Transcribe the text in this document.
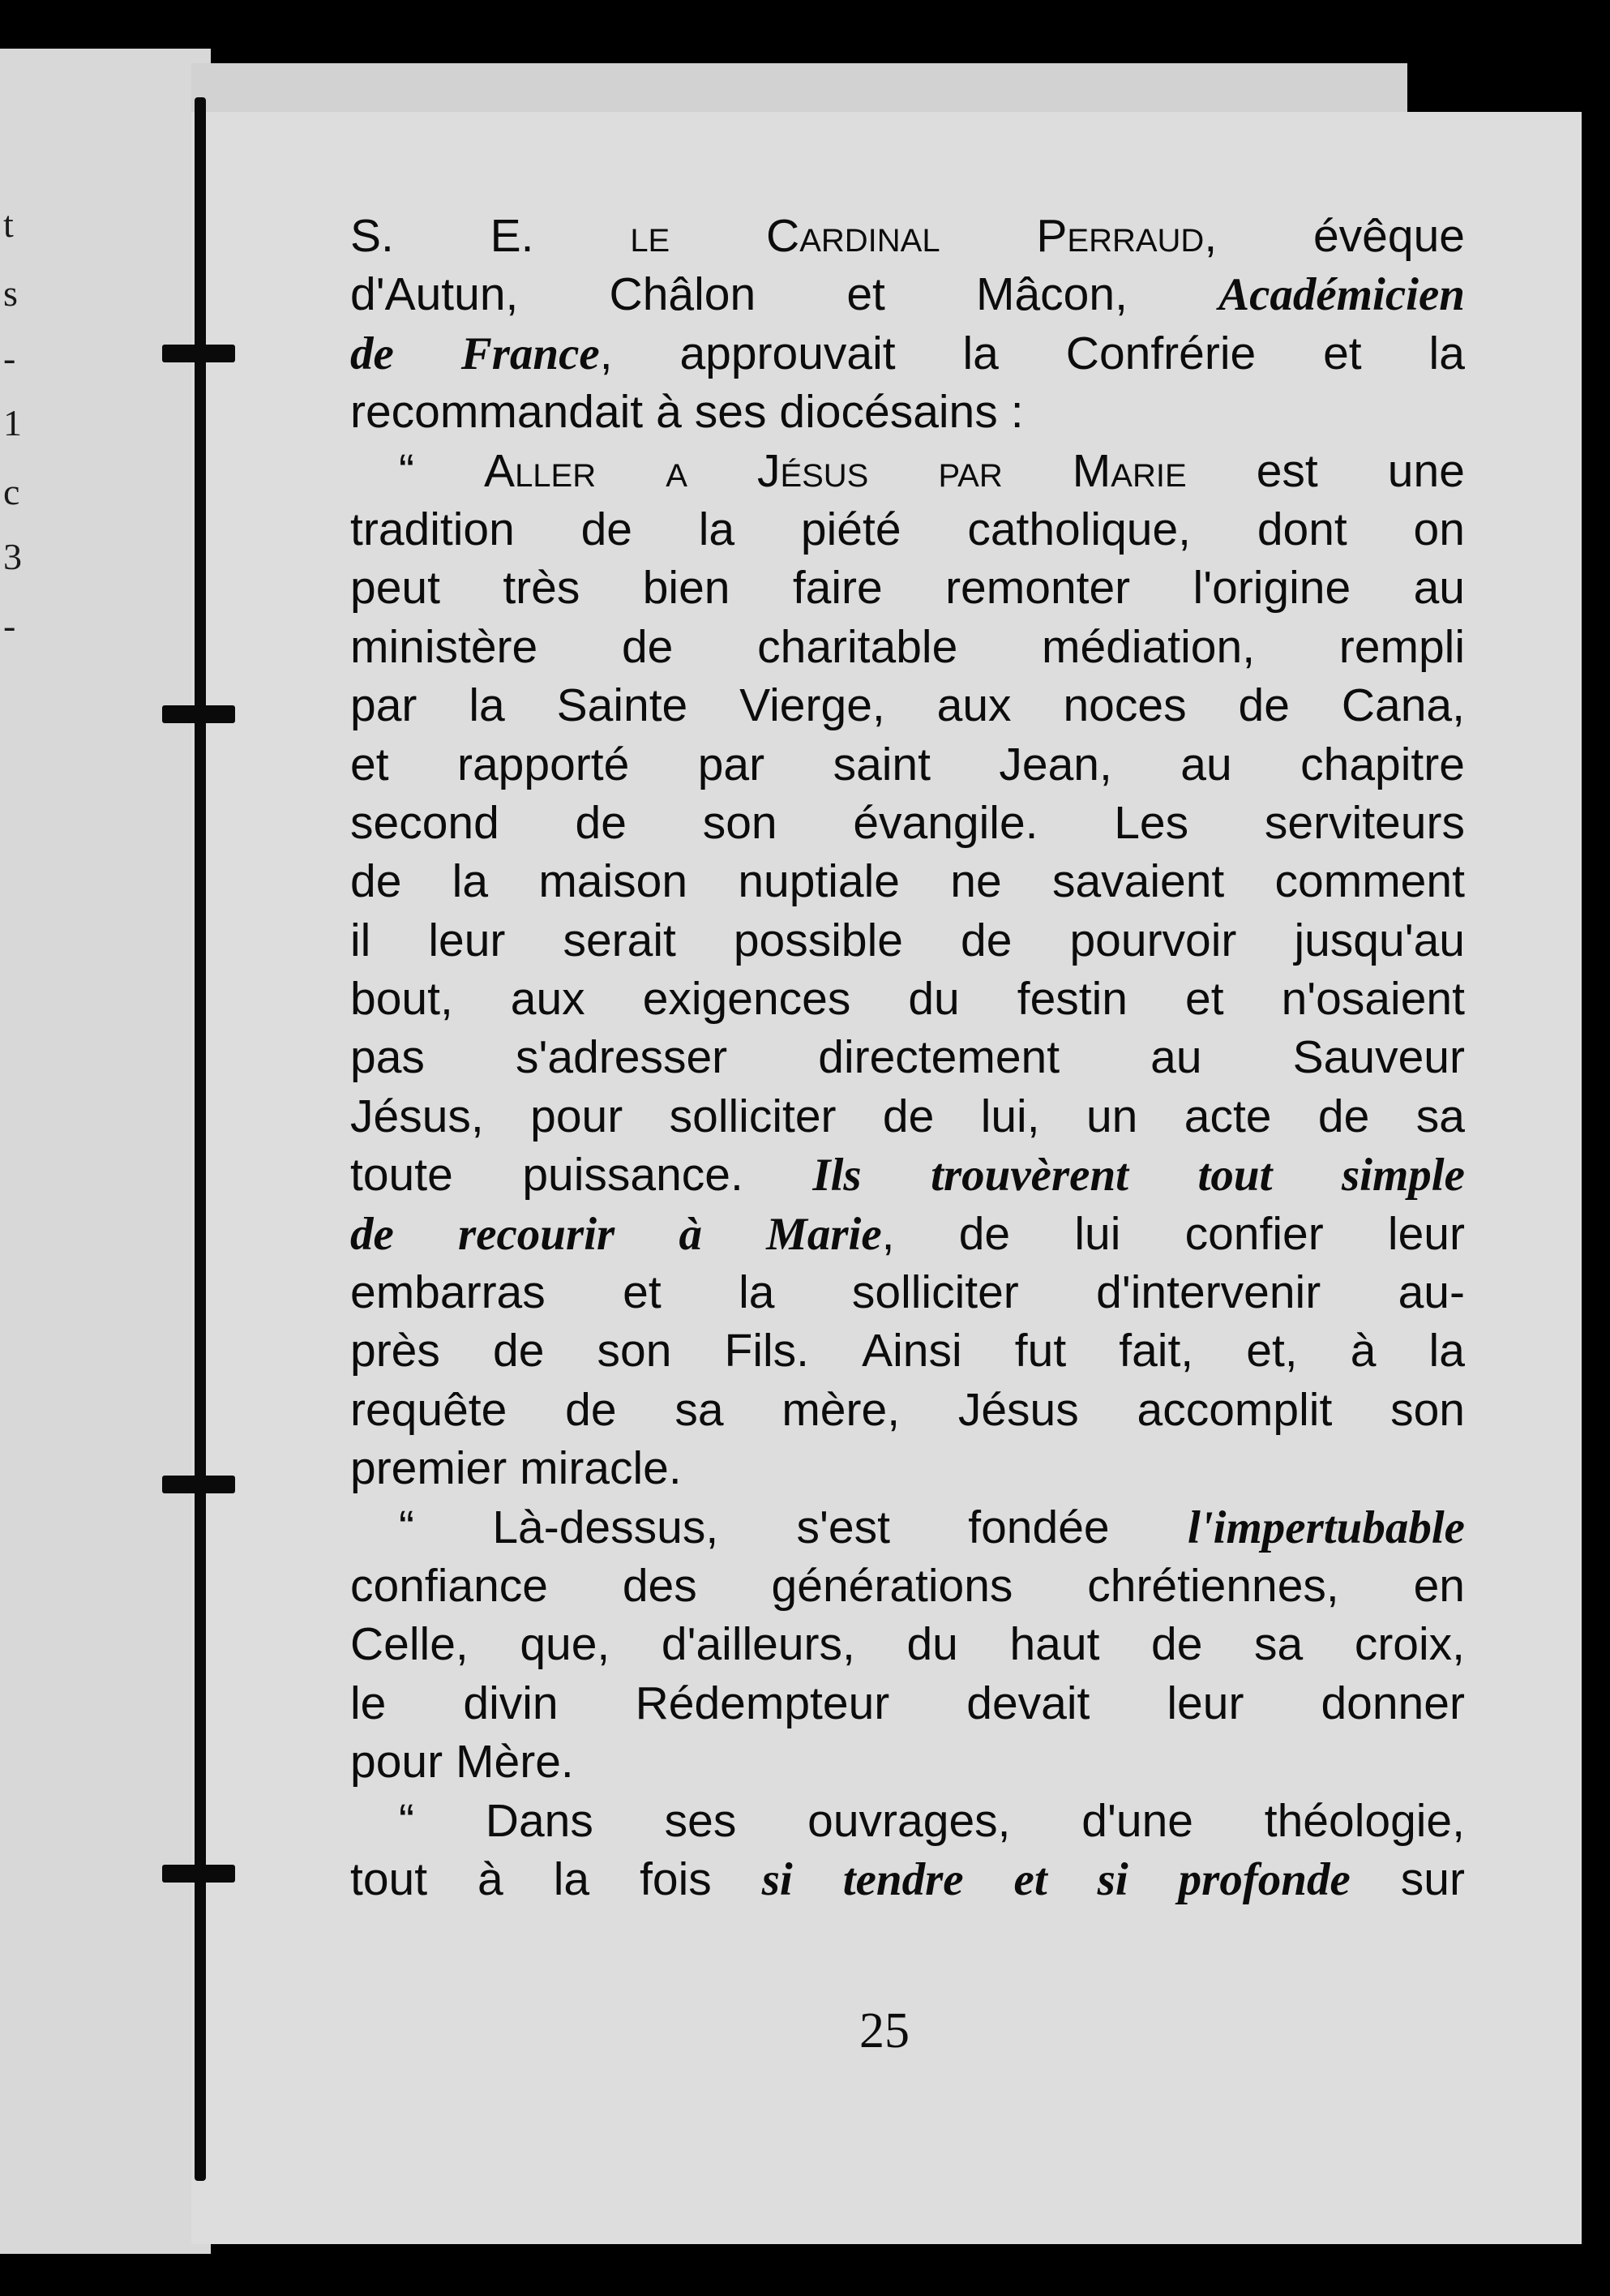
t
s
-
1
c
3
-
S. E. le Cardinal Perraud, évêque
d'Autun, Châlon et Mâcon, Académicien
de France, approuvait la Confrérie et la
recommandait à ses diocésains :
“ Aller a Jésus par Marie est une
tradition de la piété catholique, dont on
peut très bien faire remonter l'origine au
ministère de charitable médiation, rempli
par la Sainte Vierge, aux noces de Cana,
et rapporté par saint Jean, au chapitre
second de son évangile. Les serviteurs
de la maison nuptiale ne savaient comment
il leur serait possible de pourvoir jusqu'au
bout, aux exigences du festin et n'osaient
pas s'adresser directement au Sauveur
Jésus, pour solliciter de lui, un acte de sa
toute puissance. Ils trouvèrent tout simple
de recourir à Marie, de lui confier leur
embarras et la solliciter d'intervenir au-
près de son Fils. Ainsi fut fait, et, à la
requête de sa mère, Jésus accomplit son
premier miracle.
“ Là-dessus, s'est fondée l'impertubable
confiance des générations chrétiennes, en
Celle, que, d'ailleurs, du haut de sa croix,
le divin Rédempteur devait leur donner
pour Mère.
“ Dans ses ouvrages, d'une théologie,
tout à la fois si tendre et si profonde sur
25
